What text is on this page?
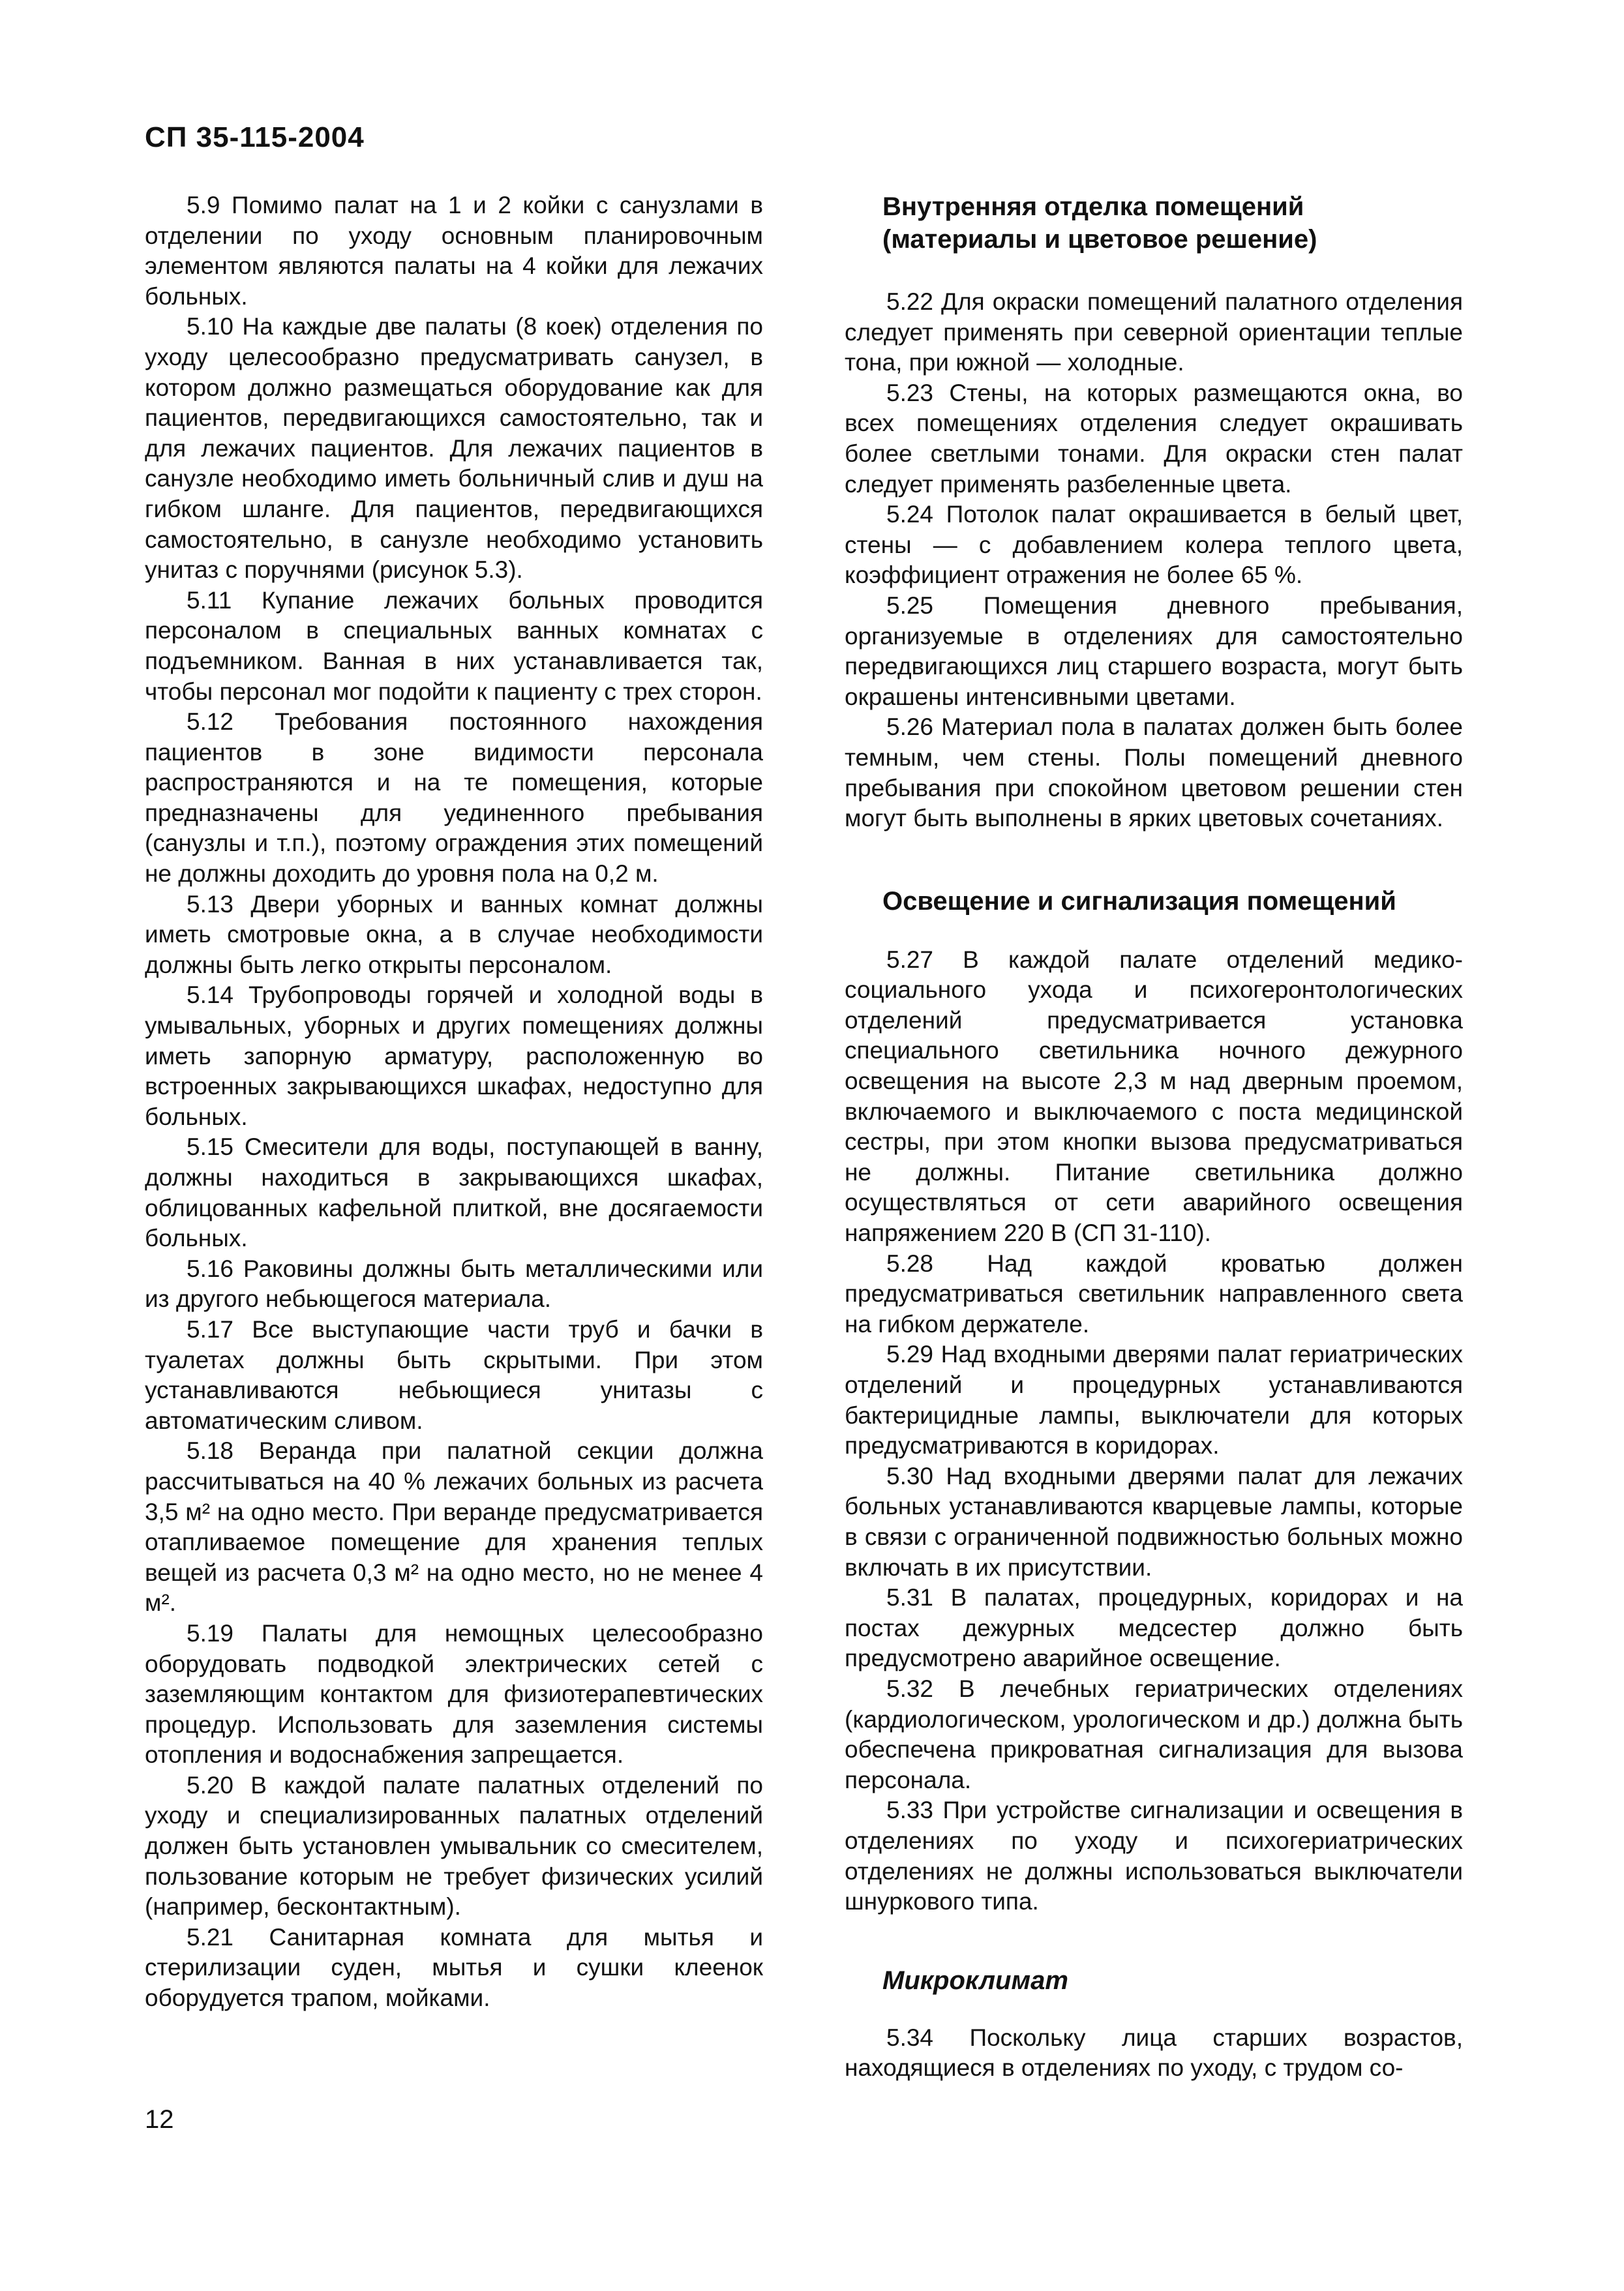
СП 35-115-2004

5.9 Помимо палат на 1 и 2 койки с санузлами в отделении по уходу основным планировочным элементом являются палаты на 4 койки для лежачих больных.

5.10 На каждые две палаты (8 коек) отделения по уходу целесообразно предусматривать санузел, в котором должно размещаться оборудование как для пациентов, передвигающихся самостоятельно, так и для лежачих пациентов. Для лежачих пациентов в санузле необходимо иметь больничный слив и душ на гибком шланге. Для пациентов, передвигающихся самостоятельно, в санузле необходимо установить унитаз с поручнями (рисунок 5.3).

5.11 Купание лежачих больных проводится персоналом в специальных ванных комнатах с подъемником. Ванная в них устанавливается так, чтобы персонал мог подойти к пациенту с трех сторон.

5.12 Требования постоянного нахождения пациентов в зоне видимости персонала распространяются и на те помещения, которые предназначены для уединенного пребывания (санузлы и т.п.), поэтому ограждения этих помещений не должны доходить до уровня пола на 0,2 м.

5.13 Двери уборных и ванных комнат должны иметь смотровые окна, а в случае необходимости должны быть легко открыты персоналом.

5.14 Трубопроводы горячей и холодной воды в умывальных, уборных и других помещениях должны иметь запорную арматуру, расположенную во встроенных закрывающихся шкафах, недоступно для больных.

5.15 Смесители для воды, поступающей в ванну, должны находиться в закрывающихся шкафах, облицованных кафельной плиткой, вне досягаемости больных.

5.16 Раковины должны быть металлическими или из другого небьющегося материала.

5.17 Все выступающие части труб и бачки в туалетах должны быть скрытыми. При этом устанавливаются небьющиеся унитазы с автоматическим сливом.

5.18 Веранда при палатной секции должна рассчитываться на 40 % лежачих больных из расчета 3,5 м² на одно место. При веранде предусматривается отапливаемое помещение для хранения теплых вещей из расчета 0,3 м² на одно место, но не менее 4 м².

5.19 Палаты для немощных целесообразно оборудовать подводкой электрических сетей с заземляющим контактом для физиотерапевтических процедур. Использовать для заземления системы отопления и водоснабжения запрещается.

5.20 В каждой палате палатных отделений по уходу и специализированных палатных отделений должен быть установлен умывальник со смесителем, пользование которым не требует физических усилий (например, бесконтактным).

5.21 Санитарная комната для мытья и стерилизации суден, мытья и сушки клеенок оборудуется трапом, мойками.

Внутренняя отделка помещений (материалы и цветовое решение)

5.22 Для окраски помещений палатного отделения следует применять при северной ориентации теплые тона, при южной — холодные.

5.23 Стены, на которых размещаются окна, во всех помещениях отделения следует окрашивать более светлыми тонами. Для окраски стен палат следует применять разбеленные цвета.

5.24 Потолок палат окрашивается в белый цвет, стены — с добавлением колера теплого цвета, коэффициент отражения не более 65 %.

5.25 Помещения дневного пребывания, организуемые в отделениях для самостоятельно передвигающихся лиц старшего возраста, могут быть окрашены интенсивными цветами.

5.26 Материал пола в палатах должен быть более темным, чем стены. Полы помещений дневного пребывания при спокойном цветовом решении стен могут быть выполнены в ярких цветовых сочетаниях.

Освещение и сигнализация помещений

5.27 В каждой палате отделений медико-социального ухода и психогеронтологических отделений предусматривается установка специального светильника ночного дежурного освещения на высоте 2,3 м над дверным проемом, включаемого и выключаемого с поста медицинской сестры, при этом кнопки вызова предусматриваться не должны. Питание светильника должно осуществляться от сети аварийного освещения напряжением 220 В (СП 31-110).

5.28 Над каждой кроватью должен предусматриваться светильник направленного света на гибком держателе.

5.29 Над входными дверями палат гериатрических отделений и процедурных устанавливаются бактерицидные лампы, выключатели для которых предусматриваются в коридорах.

5.30 Над входными дверями палат для лежачих больных устанавливаются кварцевые лампы, которые в связи с ограниченной подвижностью больных можно включать в их присутствии.

5.31 В палатах, процедурных, коридорах и на постах дежурных медсестер должно быть предусмотрено аварийное освещение.

5.32 В лечебных гериатрических отделениях (кардиологическом, урологическом и др.) должна быть обеспечена прикроватная сигнализация для вызова персонала.

5.33 При устройстве сигнализации и освещения в отделениях по уходу и психогериатрических отделениях не должны использоваться выключатели шнуркового типа.

Микроклимат

5.34 Поскольку лица старших возрастов, находящиеся в отделениях по уходу, с трудом со-

12
